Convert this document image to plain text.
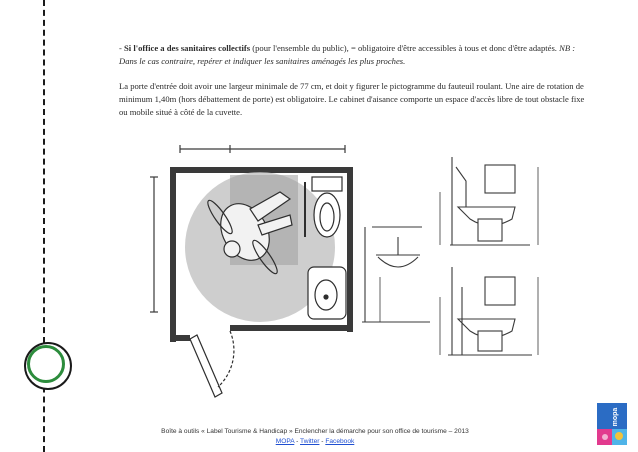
- Si l'office a des sanitaires collectifs (pour l'ensemble du public), = obligatoire d'être accessibles à tous et donc d'être adaptés. NB : Dans le cas contraire, repérer et indiquer les sanitaires aménagés les plus proches.
La porte d'entrée doit avoir une largeur minimale de 77 cm, et doit y figurer le pictogramme du fauteuil roulant. Une aire de rotation de minimum 1,40m (hors débattement de porte) est obligatoire. Le cabinet d'aisance comporte un espace d'accès libre de tout obstacle fixe ou mobile situé à côté de la cuvette.
Boîte à outils « Label Tourisme & Handicap » Enclencher la démarche pour son office de tourisme – 2013
MOPA - Twitter - Facebook
mopa
